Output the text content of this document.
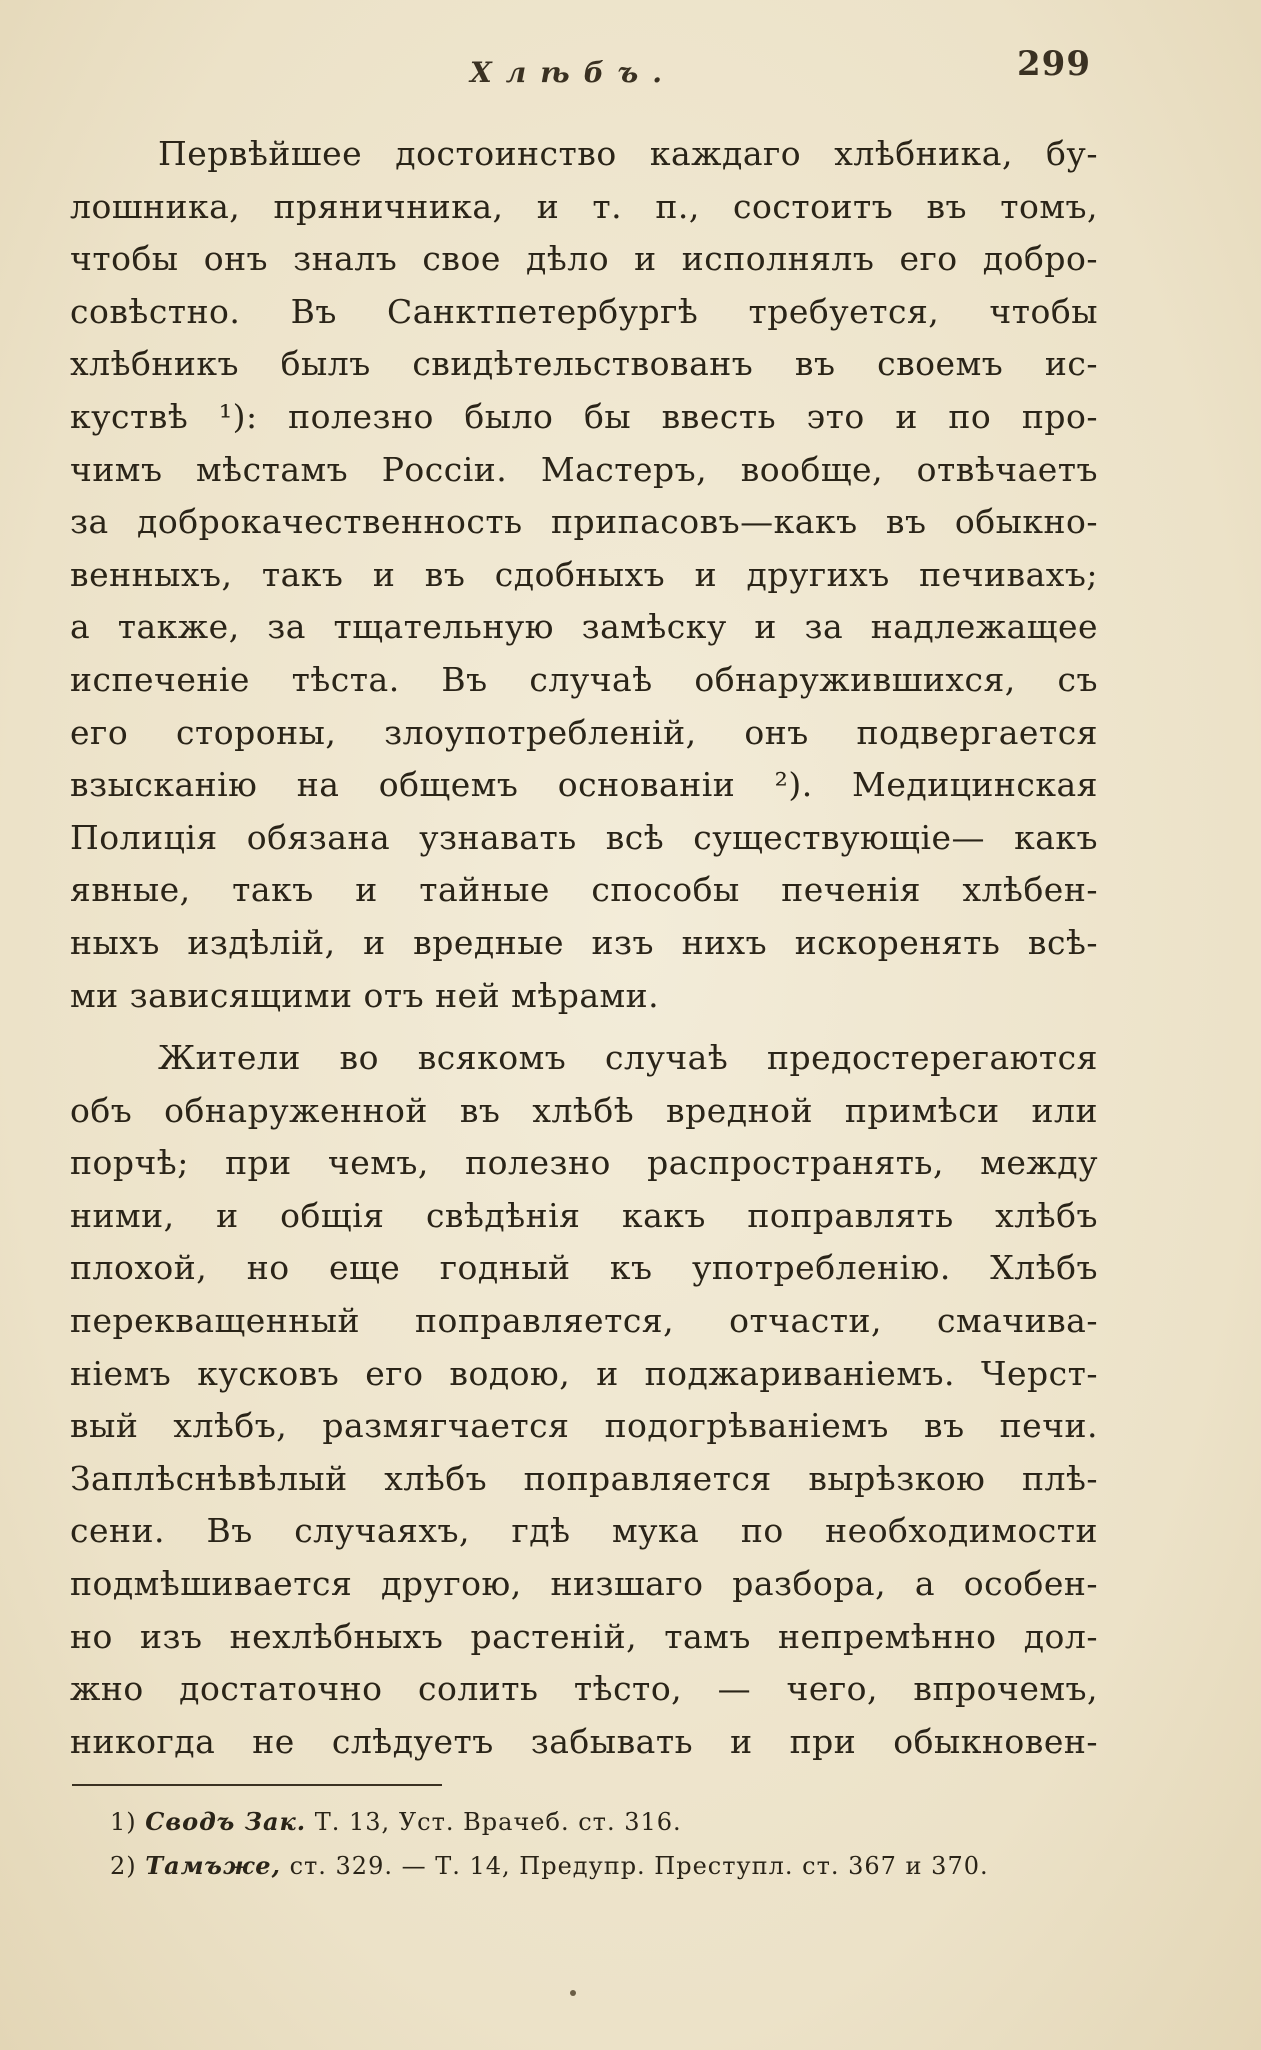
Хлѣбъ.	299
Первѣйшее достоинство каждаго хлѣбника, бу-
лошника, пряничника, и т. п., состоитъ въ томъ,
чтобы онъ зналъ свое дѣло и исполнялъ его добро-
совѣстно. Въ Санктпетербургѣ требуется, чтобы
хлѣбникъ былъ свидѣтельствованъ въ своемъ ис-
куствѣ ¹): полезно было бы ввесть это и по про-
чимъ мѣстамъ Россіи. Мастеръ, вообще, отвѣчаетъ
за доброкачественность припасовъ—какъ въ обыкно-
венныхъ, такъ и въ сдобныхъ и другихъ печивахъ;
а также, за тщательную замѣску и за надлежащее
испеченіе тѣста. Въ случаѣ обнаружившихся, съ
его стороны, злоупотребленій, онъ подвергается
взысканію на общемъ основаніи ²). Медицинская
Полиція обязана узнавать всѣ существующіе— какъ
явные, такъ и тайные способы печенія хлѣбен-
ныхъ издѣлій, и вредные изъ нихъ искоренять всѣ-
ми зависящими отъ ней мѣрами.
Жители во всякомъ случаѣ предостерегаются
объ обнаруженной въ хлѣбѣ вредной примѣси или
порчѣ; при чемъ, полезно распространять, между
ними, и общія свѣдѣнія какъ поправлять хлѣбъ
плохой, но еще годный къ употребленію. Хлѣбъ
перекващенный поправляется, отчасти, смачива-
ніемъ кусковъ его водою, и поджариваніемъ. Черст-
вый хлѣбъ, размягчается подогрѣваніемъ въ печи.
Заплѣснѣвѣлый хлѣбъ поправляется вырѣзкою плѣ-
сени. Въ случаяхъ, гдѣ мука по необходимости
подмѣшивается другою, низшаго разбора, а особен-
но изъ нехлѣбныхъ растеній, тамъ непремѣнно дол-
жно достаточно солить тѣсто, — чего, впрочемъ,
никогда не слѣдуетъ забывать и при обыкновен-
1) Сводъ Зак. Т. 13, Уст. Врачеб. ст. 316.
2) Тамъже, ст. 329. — Т. 14, Предупр. Преступл. ст. 367 и 370.
